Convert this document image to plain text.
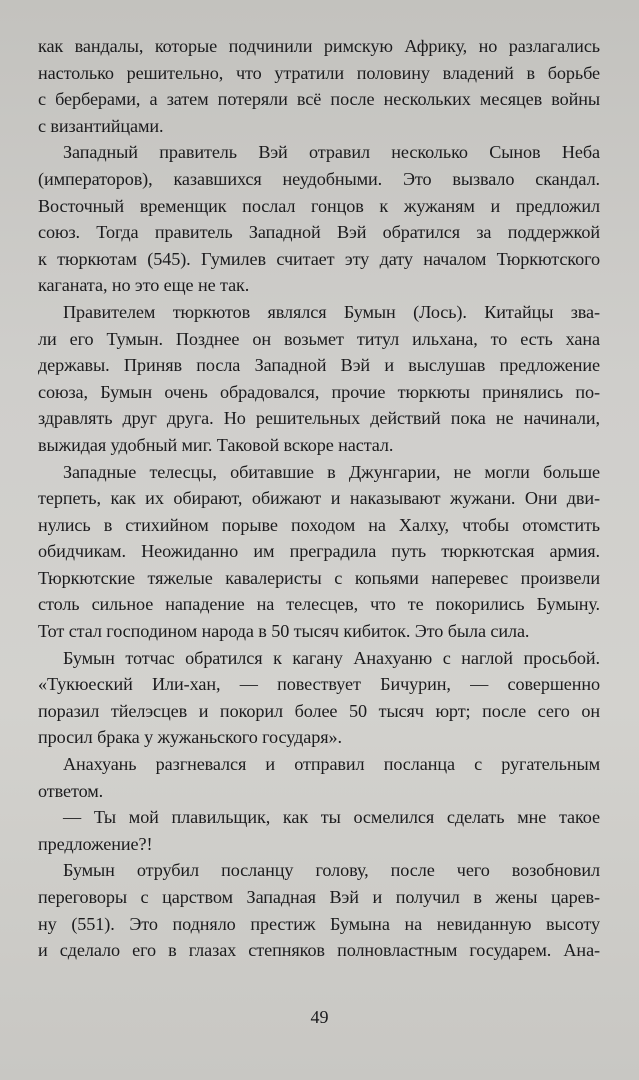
как вандалы, которые подчинили римскую Африку, но разлагались
настолько решительно, что утратили половину владений в борьбе
с берберами, а затем потеряли всё после нескольких месяцев войны
с византийцами.
Западный правитель Вэй отравил несколько Сынов Неба
(императоров), казавшихся неудобными. Это вызвало скандал.
Восточный временщик послал гонцов к жужаням и предложил
союз. Тогда правитель Западной Вэй обратился за поддержкой
к тюркютам (545). Гумилев считает эту дату началом Тюркютского
каганата, но это еще не так.
Правителем тюркютов являлся Бумын (Лось). Китайцы зва-
ли его Тумын. Позднее он возьмет титул ильхана, то есть хана
державы. Приняв посла Западной Вэй и выслушав предложение
союза, Бумын очень обрадовался, прочие тюркюты принялись по-
здравлять друг друга. Но решительных действий пока не начинали,
выжидая удобный миг. Таковой вскоре настал.
Западные телесцы, обитавшие в Джунгарии, не могли больше
терпеть, как их обирают, обижают и наказывают жужани. Они дви-
нулись в стихийном порыве походом на Халху, чтобы отомстить
обидчикам. Неожиданно им преградила путь тюркютская армия.
Тюркютские тяжелые кавалеристы с копьями наперевес произвели
столь сильное нападение на телесцев, что те покорились Бумыну.
Тот стал господином народа в 50 тысяч кибиток. Это была сила.
Бумын тотчас обратился к кагану Анахуаню с наглой просьбой.
«Тукюеский Или-хан, — повествует Бичурин, — совершенно
поразил тйелэсцев и покорил более 50 тысяч юрт; после сего он
просил брака у жужаньского государя».
Анахуань разгневался и отправил посланца с ругательным
ответом.
— Ты мой плавильщик, как ты осмелился сделать мне такое
предложение?!
Бумын отрубил посланцу голову, после чего возобновил
переговоры с царством Западная Вэй и получил в жены царев-
ну (551). Это подняло престиж Бумына на невиданную высоту
и сделало его в глазах степняков полновластным государем. Ана-
49
